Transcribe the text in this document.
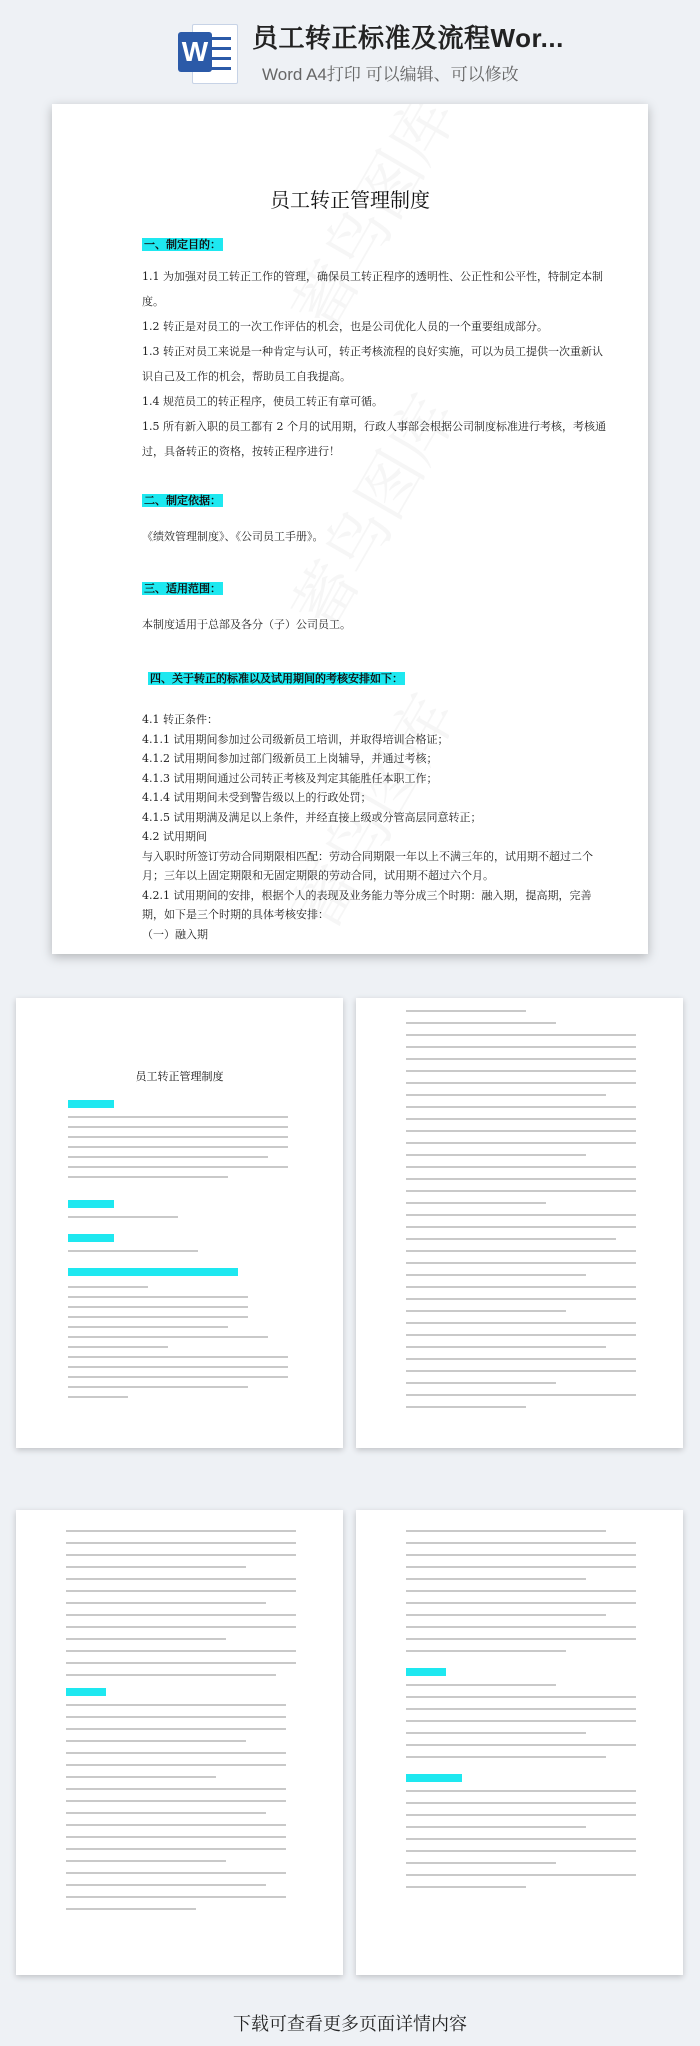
W 员工转正标准及流程Wor...
Word A4打印 可以编辑、可以修改
员工转正管理制度
一、制定目的：

1.1 为加强对员工转正工作的管理，确保员工转正程序的透明性、公正性和公平性，特制定本制度。

1.2 转正是对员工的一次工作评估的机会，也是公司优化人员的一个重要组成部分。

1.3 转正对员工来说是一种肯定与认可，转正考核流程的良好实施，可以为员工提供一次重新认识自己及工作的机会，帮助员工自我提高。

1.4 规范员工的转正程序，使员工转正有章可循。

1.5 所有新入职的员工都有 2 个月的试用期，行政人事部会根据公司制度标准进行考核，考核通过，具备转正的资格，按转正程序进行！

二、制定依据：
《绩效管理制度》、《公司员工手册》。
三、适用范围：
本制度适用于总部及各分（子）公司员工。
四、关于转正的标准以及试用期间的考核安排如下：

4.1 转正条件：

4.1.1 试用期间参加过公司级新员工培训，并取得培训合格证；

4.1.2 试用期间参加过部门级新员工上岗辅导，并通过考核；

4.1.3 试用期间通过公司转正考核及判定其能胜任本职工作；

4.1.4 试用期间未受到警告级以上的行政处罚；

4.1.5 试用期满及满足以上条件，并经直接上级或分管高层同意转正；

4.2 试用期间

与入职时所签订劳动合同期限相匹配：劳动合同期限一年以上不满三年的，试用期不超过二个月；三年以上固定期限和无固定期限的劳动合同，试用期不超过六个月。

4.2.1 试用期间的安排，根据个人的表现及业务能力等分成三个时期：融入期，提高期，完善期，如下是三个时期的具体考核安排：

（一）融入期

员工转正管理制度
下载可查看更多页面详情内容
